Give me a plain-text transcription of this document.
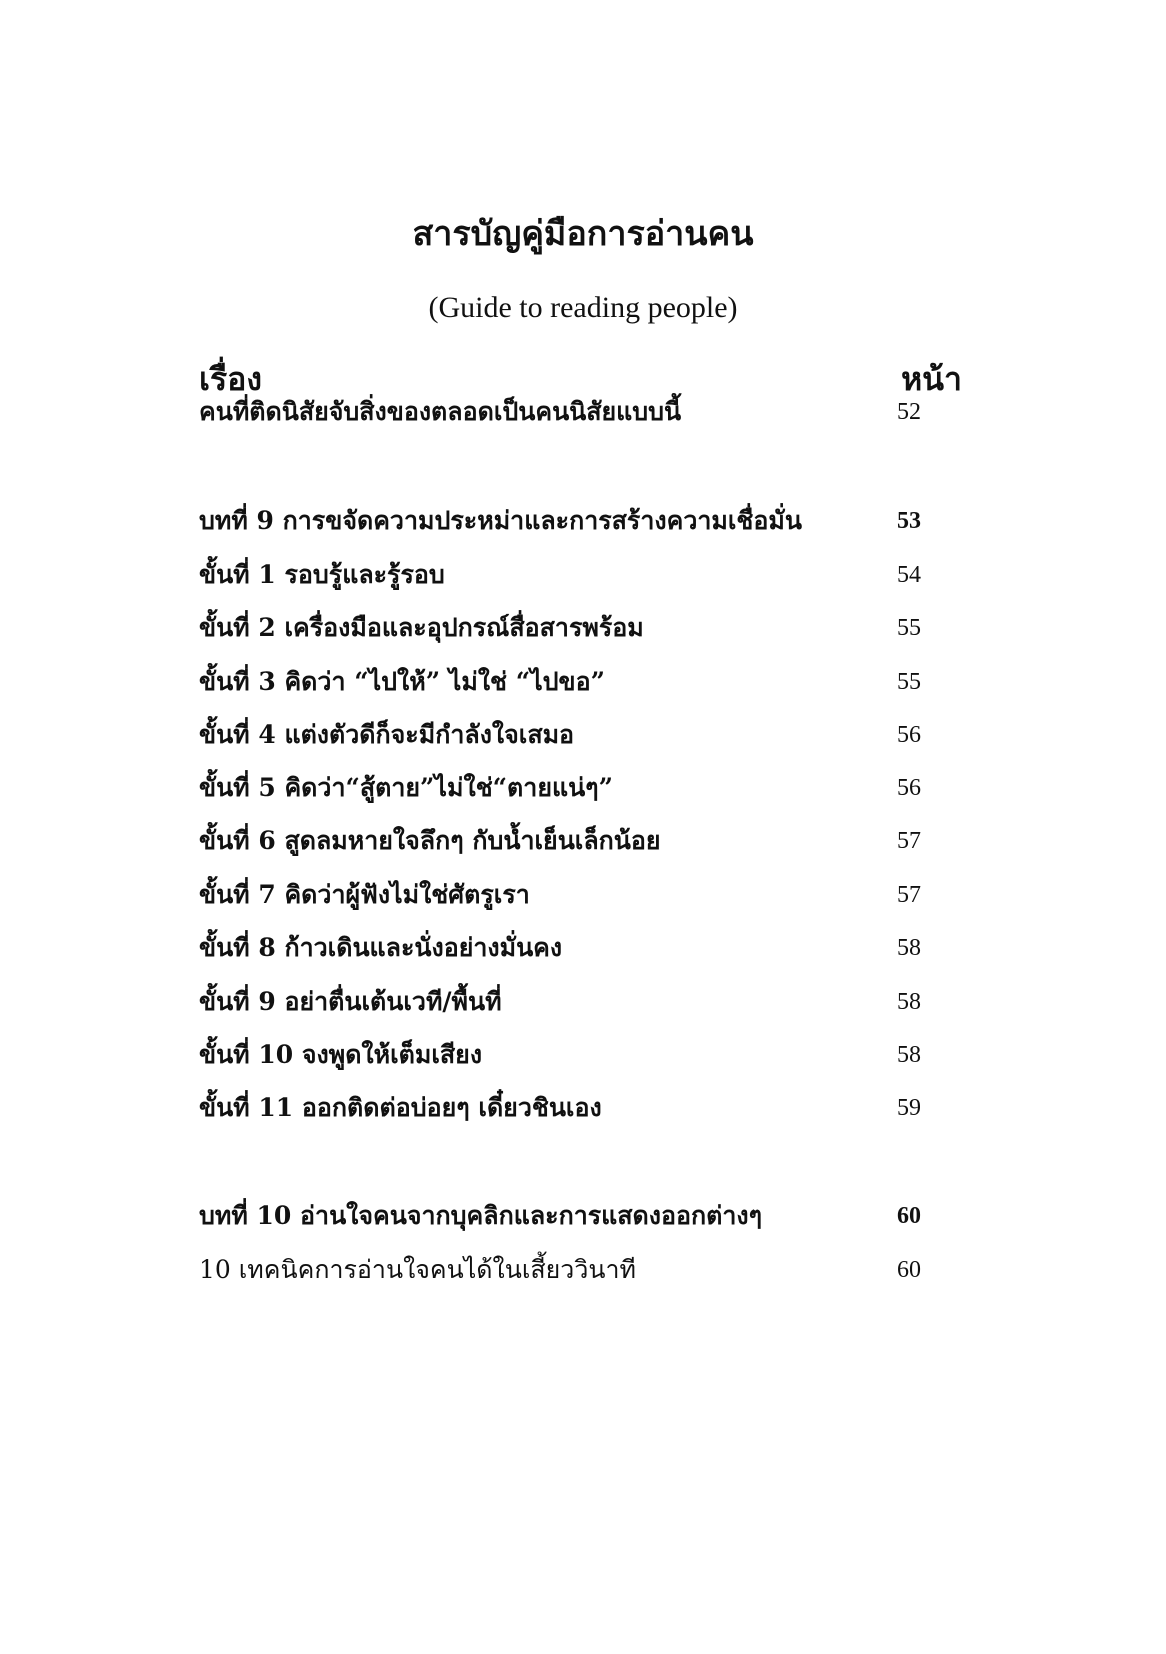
สารบัญคู่มือการอ่านคน
(Guide to reading people)
เรื่อง	หน้า
คนที่ติดนิสัยจับสิ่งของตลอดเป็นคนนิสัยแบบนี้	52
บทที่ 9 การขจัดความประหม่าและการสร้างความเชื่อมั่น	53
ขั้นที่ 1 รอบรู้และรู้รอบ	54
ขั้นที่ 2 เครื่องมือและอุปกรณ์สื่อสารพร้อม	55
ขั้นที่ 3 คิดว่า “ไปให้” ไม่ใช่ “ไปขอ”	55
ขั้นที่ 4 แต่งตัวดีก็จะมีกำลังใจเสมอ	56
ขั้นที่ 5 คิดว่า“สู้ตาย”ไม่ใช่“ตายแน่ๆ”	56
ขั้นที่ 6 สูดลมหายใจลึกๆ กับน้ำเย็นเล็กน้อย	57
ขั้นที่ 7 คิดว่าผู้ฟังไม่ใช่ศัตรูเรา	57
ขั้นที่ 8 ก้าวเดินและนั่งอย่างมั่นคง	58
ขั้นที่ 9 อย่าตื่นเต้นเวที/พื้นที่	58
ขั้นที่ 10 จงพูดให้เต็มเสียง	58
ขั้นที่ 11 ออกติดต่อบ่อยๆ เดี๋ยวชินเอง	59
บทที่ 10 อ่านใจคนจากบุคลิกและการแสดงออกต่างๆ	60
10 เทคนิคการอ่านใจคนได้ในเสี้ยววินาที	60
